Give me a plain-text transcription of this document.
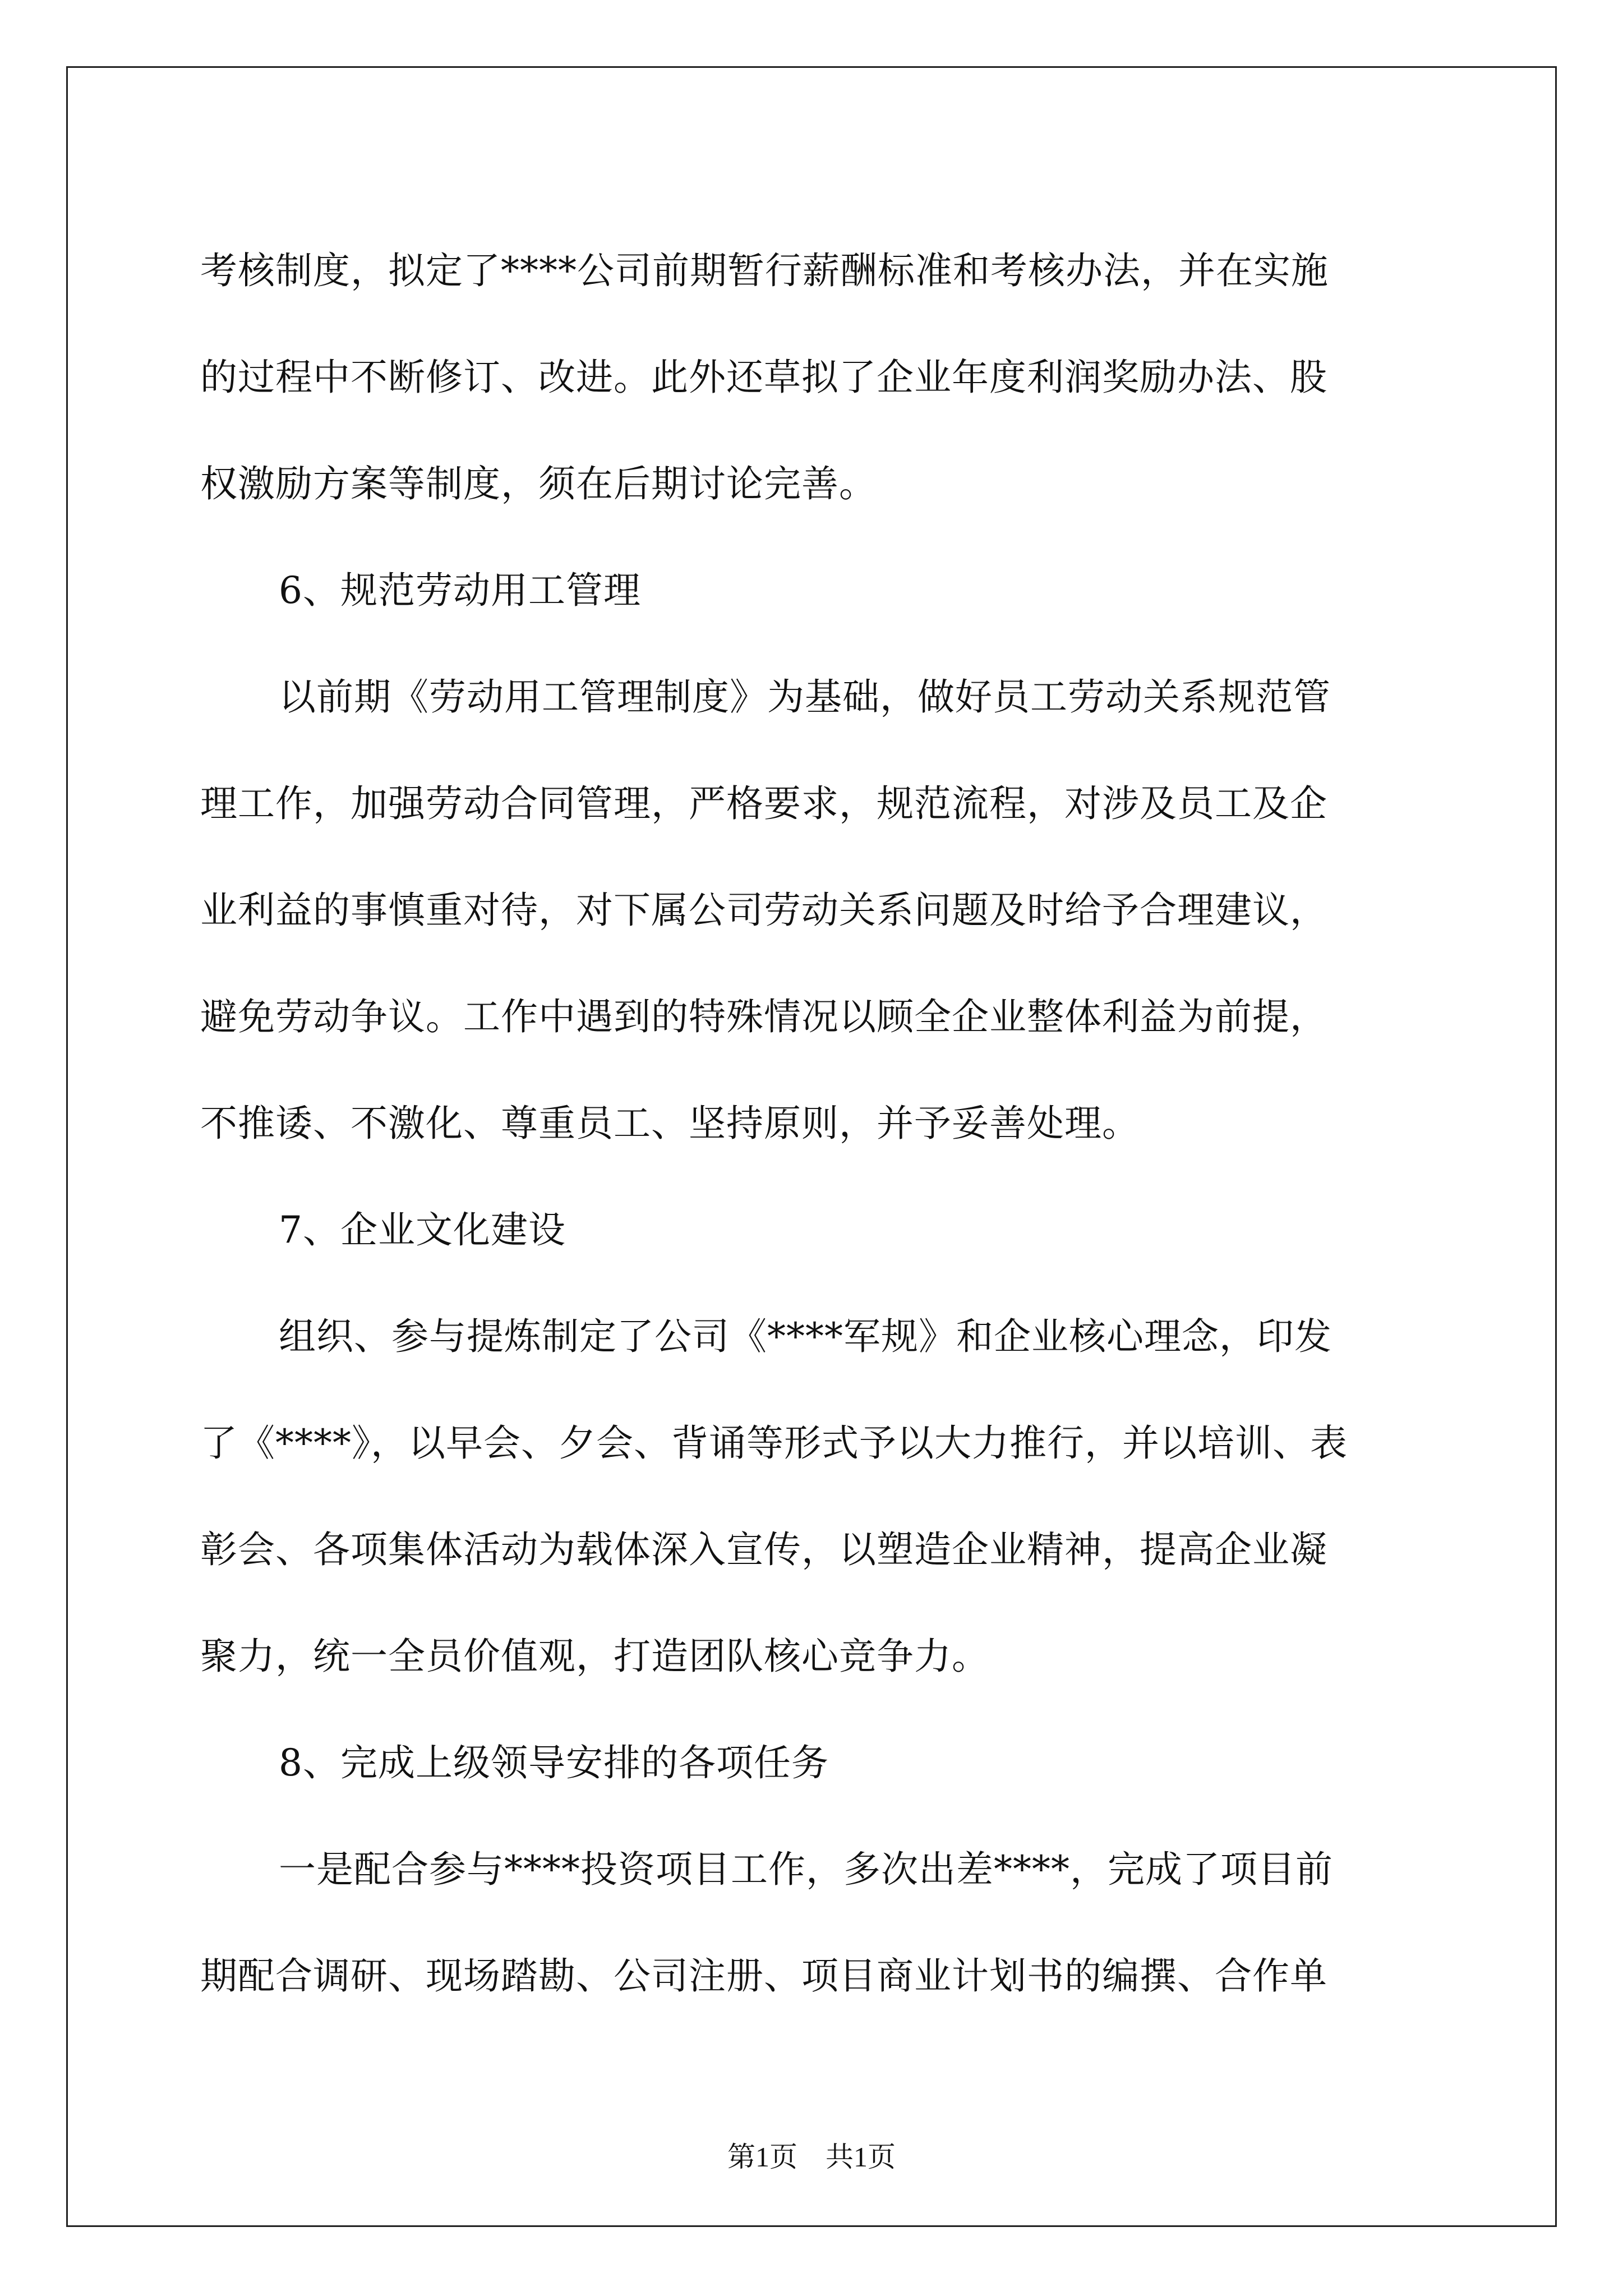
考核制度，拟定了****公司前期暂行薪酬标准和考核办法，并在实施
的过程中不断修订、改进。此外还草拟了企业年度利润奖励办法、股
权激励方案等制度，须在后期讨论完善。
6、规范劳动用工管理
以前期《劳动用工管理制度》为基础，做好员工劳动关系规范管
理工作，加强劳动合同管理，严格要求，规范流程，对涉及员工及企
业利益的事慎重对待，对下属公司劳动关系问题及时给予合理建议，
避免劳动争议。工作中遇到的特殊情况以顾全企业整体利益为前提，
不推诿、不激化、尊重员工、坚持原则，并予妥善处理。
7、企业文化建设
组织、参与提炼制定了公司《****军规》和企业核心理念，印发
了《****》，以早会、夕会、背诵等形式予以大力推行，并以培训、表
彰会、各项集体活动为载体深入宣传，以塑造企业精神，提高企业凝
聚力，统一全员价值观，打造团队核心竞争力。
8、完成上级领导安排的各项任务
一是配合参与****投资项目工作，多次出差****，完成了项目前
期配合调研、现场踏勘、公司注册、项目商业计划书的编撰、合作单
第1页　共1页
